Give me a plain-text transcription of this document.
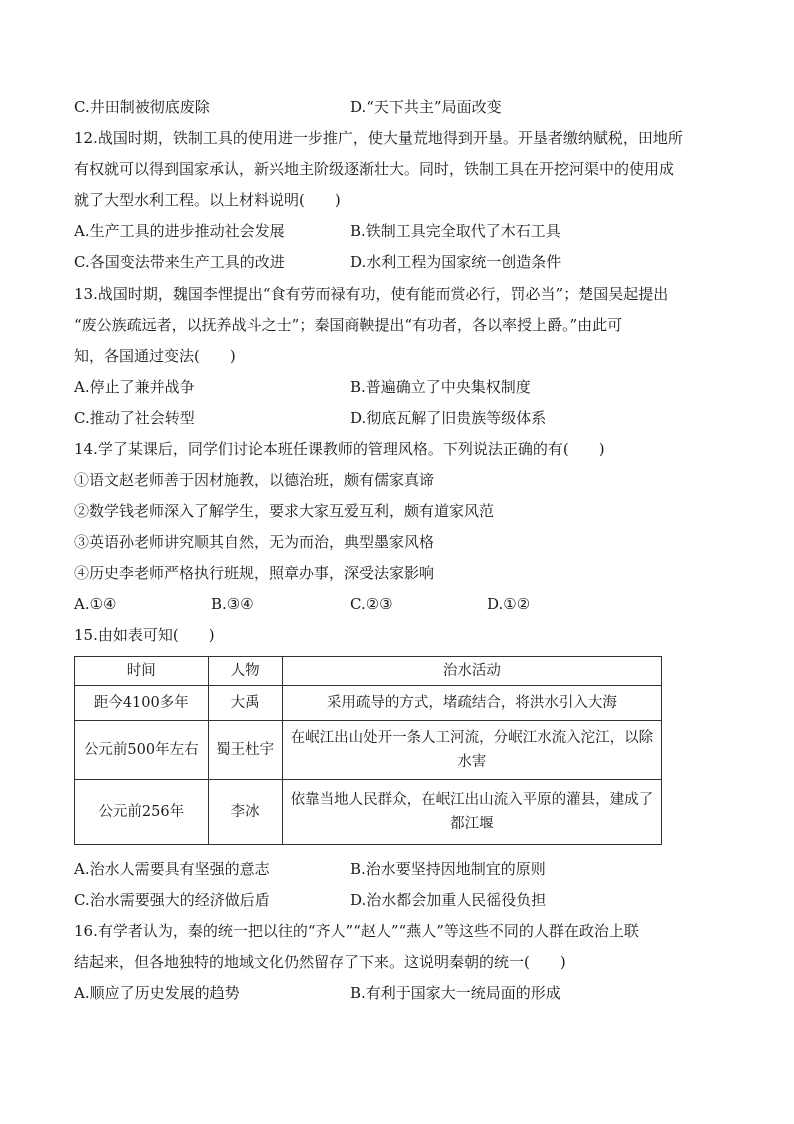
C.井田制被彻底废除	D.“天下共主”局面改变
12.战国时期，铁制工具的使用进一步推广，使大量荒地得到开垦。开垦者缴纳赋税，田地所
有权就可以得到国家承认，新兴地主阶级逐渐壮大。同时，铁制工具在开挖河渠中的使用成
就了大型水利工程。以上材料说明(　　)
A.生产工具的进步推动社会发展	B.铁制工具完全取代了木石工具
C.各国变法带来生产工具的改进	D.水利工程为国家统一创造条件
13.战国时期，魏国李悝提出“食有劳而禄有功，使有能而赏必行，罚必当”；楚国吴起提出
“废公族疏远者，以抚养战斗之士”；秦国商鞅提出“有功者，各以率授上爵。”由此可
知，各国通过变法(　　)
A.停止了兼并战争	B.普遍确立了中央集权制度
C.推动了社会转型	D.彻底瓦解了旧贵族等级体系
14.学了某课后，同学们讨论本班任课教师的管理风格。下列说法正确的有(　　)
①语文赵老师善于因材施教，以德治班，颇有儒家真谛
②数学钱老师深入了解学生，要求大家互爱互利，颇有道家风范
③英语孙老师讲究顺其自然，无为而治，典型墨家风格
④历史李老师严格执行班规，照章办事，深受法家影响
A.①④	B.③④	C.②③	D.①②
15.由如表可知(　　)
时间	人物	治水活动
距今4100多年	大禹	采用疏导的方式，堵疏结合，将洪水引入大海
公元前500年左右	蜀王杜宇	在岷江出山处开一条人工河流，分岷江水流入沱江，以除水害
公元前256年	李冰	依靠当地人民群众，在岷江出山流入平原的灌县，建成了都江堰
A.治水人需要具有坚强的意志	B.治水要坚持因地制宜的原则
C.治水需要强大的经济做后盾	D.治水都会加重人民徭役负担
16.有学者认为，秦的统一把以往的“齐人”“赵人”“燕人”等这些不同的人群在政治上联
结起来，但各地独特的地域文化仍然留存了下来。这说明秦朝的统一(　　)
A.顺应了历史发展的趋势	B.有利于国家大一统局面的形成
